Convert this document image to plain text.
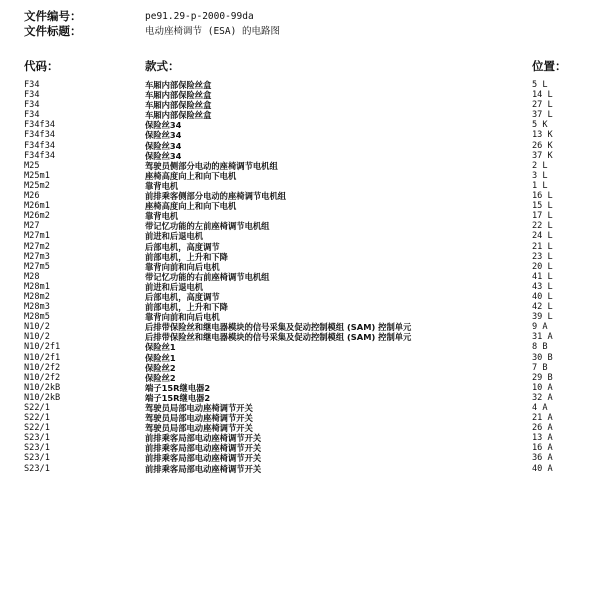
文件编号：	pe91.29-p-2000-99da
文件标题：	电动座椅调节 (ESA) 的电路图
代码：	款式：	位置：
F34	车厢内部保险丝盒	5 L
F34	车厢内部保险丝盒	14 L
F34	车厢内部保险丝盒	27 L
F34	车厢内部保险丝盒	37 L
F34f34	保险丝34	5 K
F34f34	保险丝34	13 K
F34f34	保险丝34	26 K
F34f34	保险丝34	37 K
M25	驾驶员侧部分电动的座椅调节电机组	2 L
M25m1	座椅高度向上和向下电机	3 L
M25m2	靠背电机	1 L
M26	前排乘客侧部分电动的座椅调节电机组	16 L
M26m1	座椅高度向上和向下电机	15 L
M26m2	靠背电机	17 L
M27	带记忆功能的左前座椅调节电机组	22 L
M27m1	前进和后退电机	24 L
M27m2	后部电机，高度调节	21 L
M27m3	前部电机，上升和下降	23 L
M27m5	靠背向前和向后电机	20 L
M28	带记忆功能的右前座椅调节电机组	41 L
M28m1	前进和后退电机	43 L
M28m2	后部电机，高度调节	40 L
M28m3	前部电机，上升和下降	42 L
M28m5	靠背向前和向后电机	39 L
N10/2	后排带保险丝和继电器模块的信号采集及促动控制模组 (SAM) 控制单元	9 A
N10/2	后排带保险丝和继电器模块的信号采集及促动控制模组 (SAM) 控制单元	31 A
N10/2f1	保险丝1	8 B
N10/2f1	保险丝1	30 B
N10/2f2	保险丝2	7 B
N10/2f2	保险丝2	29 B
N10/2kB	端子15R继电器2	10 A
N10/2kB	端子15R继电器2	32 A
S22/1	驾驶员局部电动座椅调节开关	4 A
S22/1	驾驶员局部电动座椅调节开关	21 A
S22/1	驾驶员局部电动座椅调节开关	26 A
S23/1	前排乘客局部电动座椅调节开关	13 A
S23/1	前排乘客局部电动座椅调节开关	16 A
S23/1	前排乘客局部电动座椅调节开关	36 A
S23/1	前排乘客局部电动座椅调节开关	40 A
